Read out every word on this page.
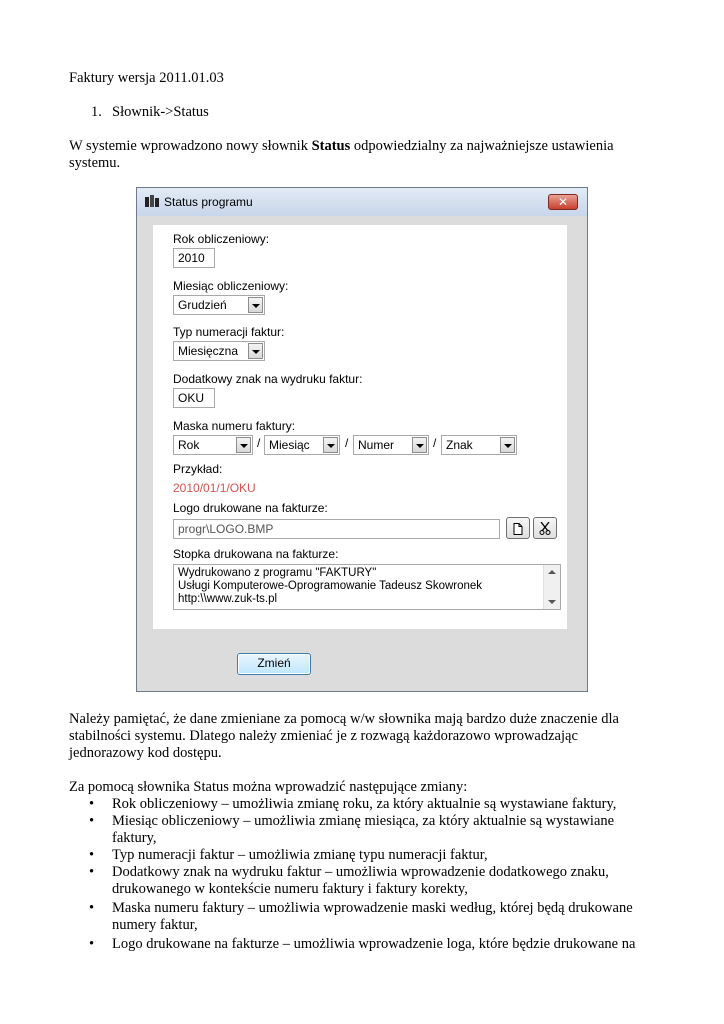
Faktury wersja 2011.01.03
1. Słownik->Status
W systemie wprowadzono nowy słownik Status odpowiedzialny za najważniejsze ustawienia
systemu.
Status programu	✕
Rok obliczeniowy:
2010
Miesiąc obliczeniowy:
Grudzień
Typ numeracji faktur:
Miesięczna
Dodatkowy znak na wydruku faktur:
OKU
Maska numeru faktury:
Rok	/ Miesiąc	/ Numer	/ Znak
Przykład:
2010/01/1/OKU
Logo drukowane na fakturze:
progr\LOGO.BMP
Stopka drukowana na fakturze:
Wydrukowano z programu "FAKTURY"
Usługi Komputerowe-Oprogramowanie Tadeusz Skowronek
http:\\www.zuk-ts.pl
Zmień
Należy pamiętać, że dane zmieniane za pomocą w/w słownika mają bardzo duże znaczenie dla
stabilności systemu. Dlatego należy zmieniać je z rozwagą każdorazowo wprowadzając
jednorazowy kod dostępu.
Za pomocą słownika Status można wprowadzić następujące zmiany:
• Rok obliczeniowy – umożliwia zmianę roku, za który aktualnie są wystawiane faktury,
• Miesiąc obliczeniowy – umożliwia zmianę miesiąca, za który aktualnie są wystawiane
faktury,
• Typ numeracji faktur – umożliwia zmianę typu numeracji faktur,
• Dodatkowy znak na wydruku faktur – umożliwia wprowadzenie dodatkowego znaku,
drukowanego w kontekście numeru faktury i faktury korekty,
• Maska numeru faktury – umożliwia wprowadzenie maski według, której będą drukowane
numery faktur,
• Logo drukowane na fakturze – umożliwia wprowadzenie loga, które będzie drukowane na
